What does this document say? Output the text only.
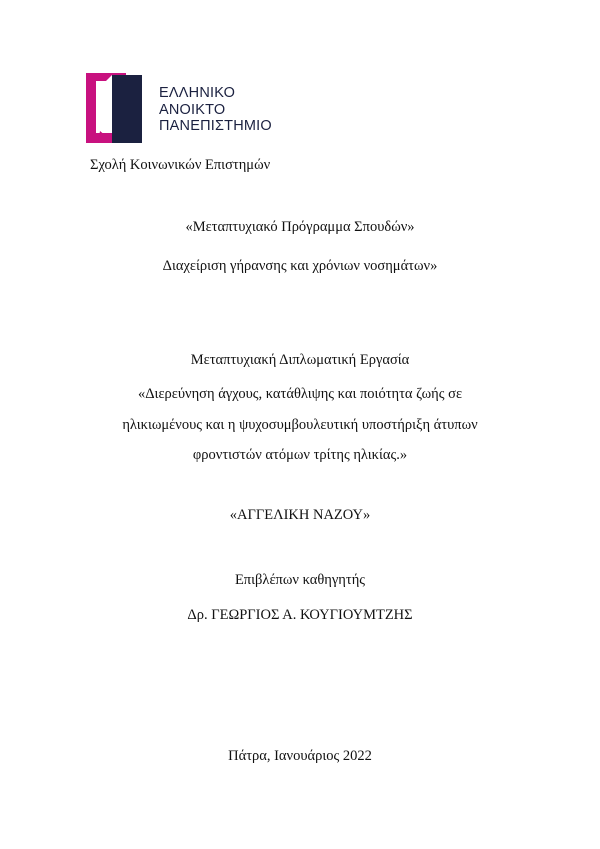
ΕΛΛΗΝΙΚΟ
ΑΝΟΙΚΤΟ
ΠΑΝΕΠΙΣΤΗΜΙΟ
Σχολή Κοινωνικών Επιστημών
«Μεταπτυχιακό Πρόγραμμα Σπουδών»
Διαχείριση γήρανσης και χρόνιων νοσημάτων»
Μεταπτυχιακή Διπλωματική Εργασία
«Διερεύνηση άγχους, κατάθλιψης και ποιότητα ζωής σε
ηλικιωμένους και η ψυχοσυμβουλευτική υποστήριξη άτυπων
φροντιστών ατόμων τρίτης ηλικίας.»
«ΑΓΓΕΛΙΚΗ ΝΑΖΟΥ»
Επιβλέπων καθηγητής
Δρ. ΓΕΩΡΓΙΟΣ Α. ΚΟΥΓΙΟΥΜΤΖΗΣ
Πάτρα, Ιανουάριος 2022
